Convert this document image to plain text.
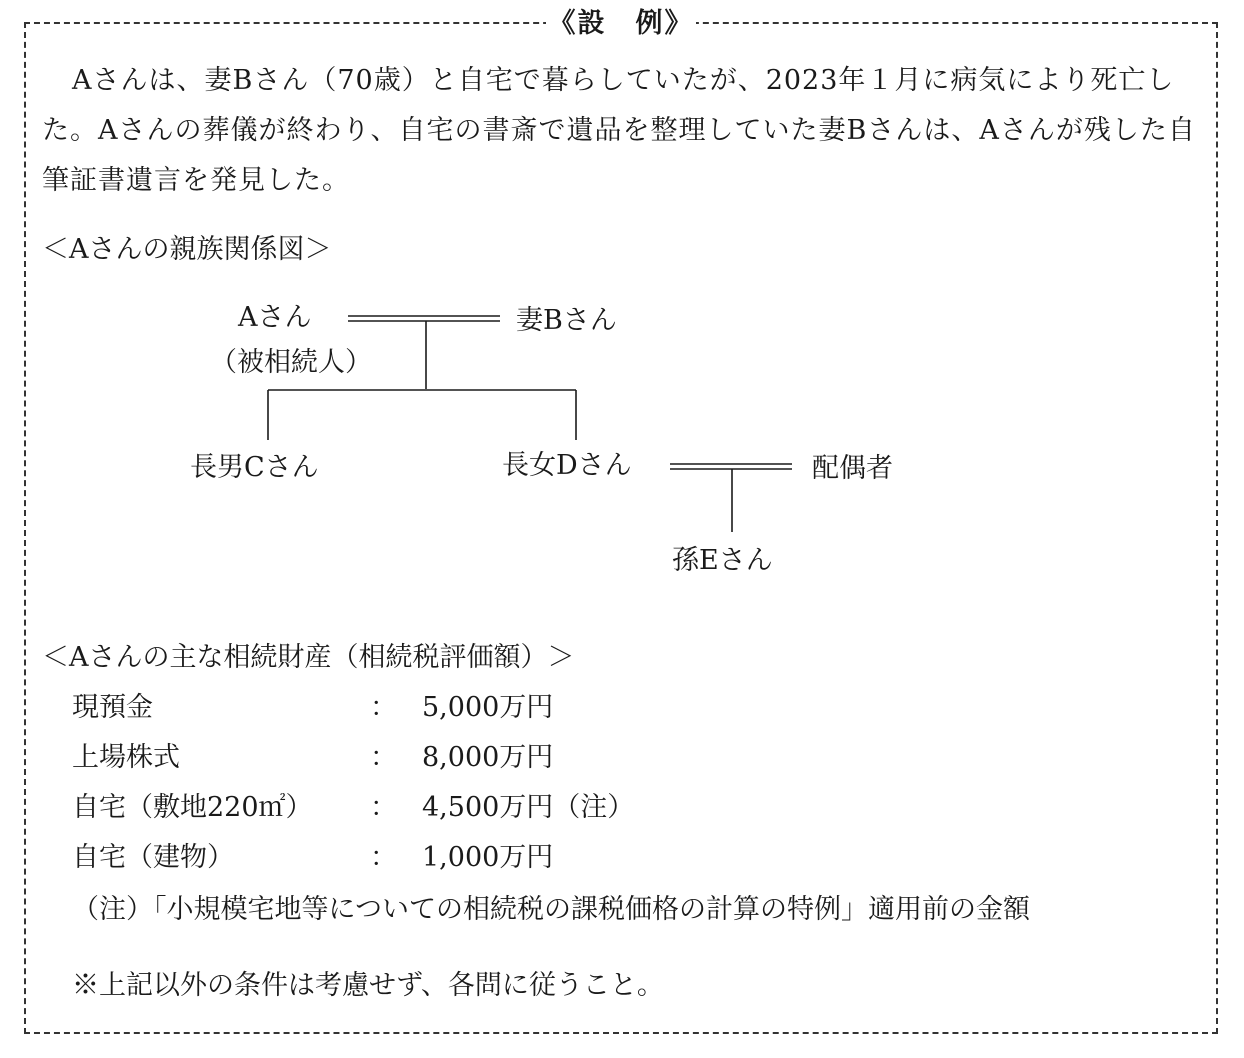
《設　例》
Aさんは、妻Bさん（70歳）と自宅で暮らしていたが、2023年１月に病気により死亡した。Aさんの葬儀が終わり、自宅の書斎で遺品を整理していた妻Bさんは、Aさんが残した自筆証書遺言を発見した。
＜Aさんの親族関係図＞
Aさん
（被相続人）
妻Bさん
長男Cさん	長女Dさん	配偶者
孫Eさん
＜Aさんの主な相続財産（相続税評価額）＞
現預金	： 5,000万円
上場株式	： 8,000万円
自宅（敷地220㎡） ： 4,500万円（注）
自宅（建物）	： 1,000万円
（注）「小規模宅地等についての相続税の課税価格の計算の特例」適用前の金額
※上記以外の条件は考慮せず、各問に従うこと。
